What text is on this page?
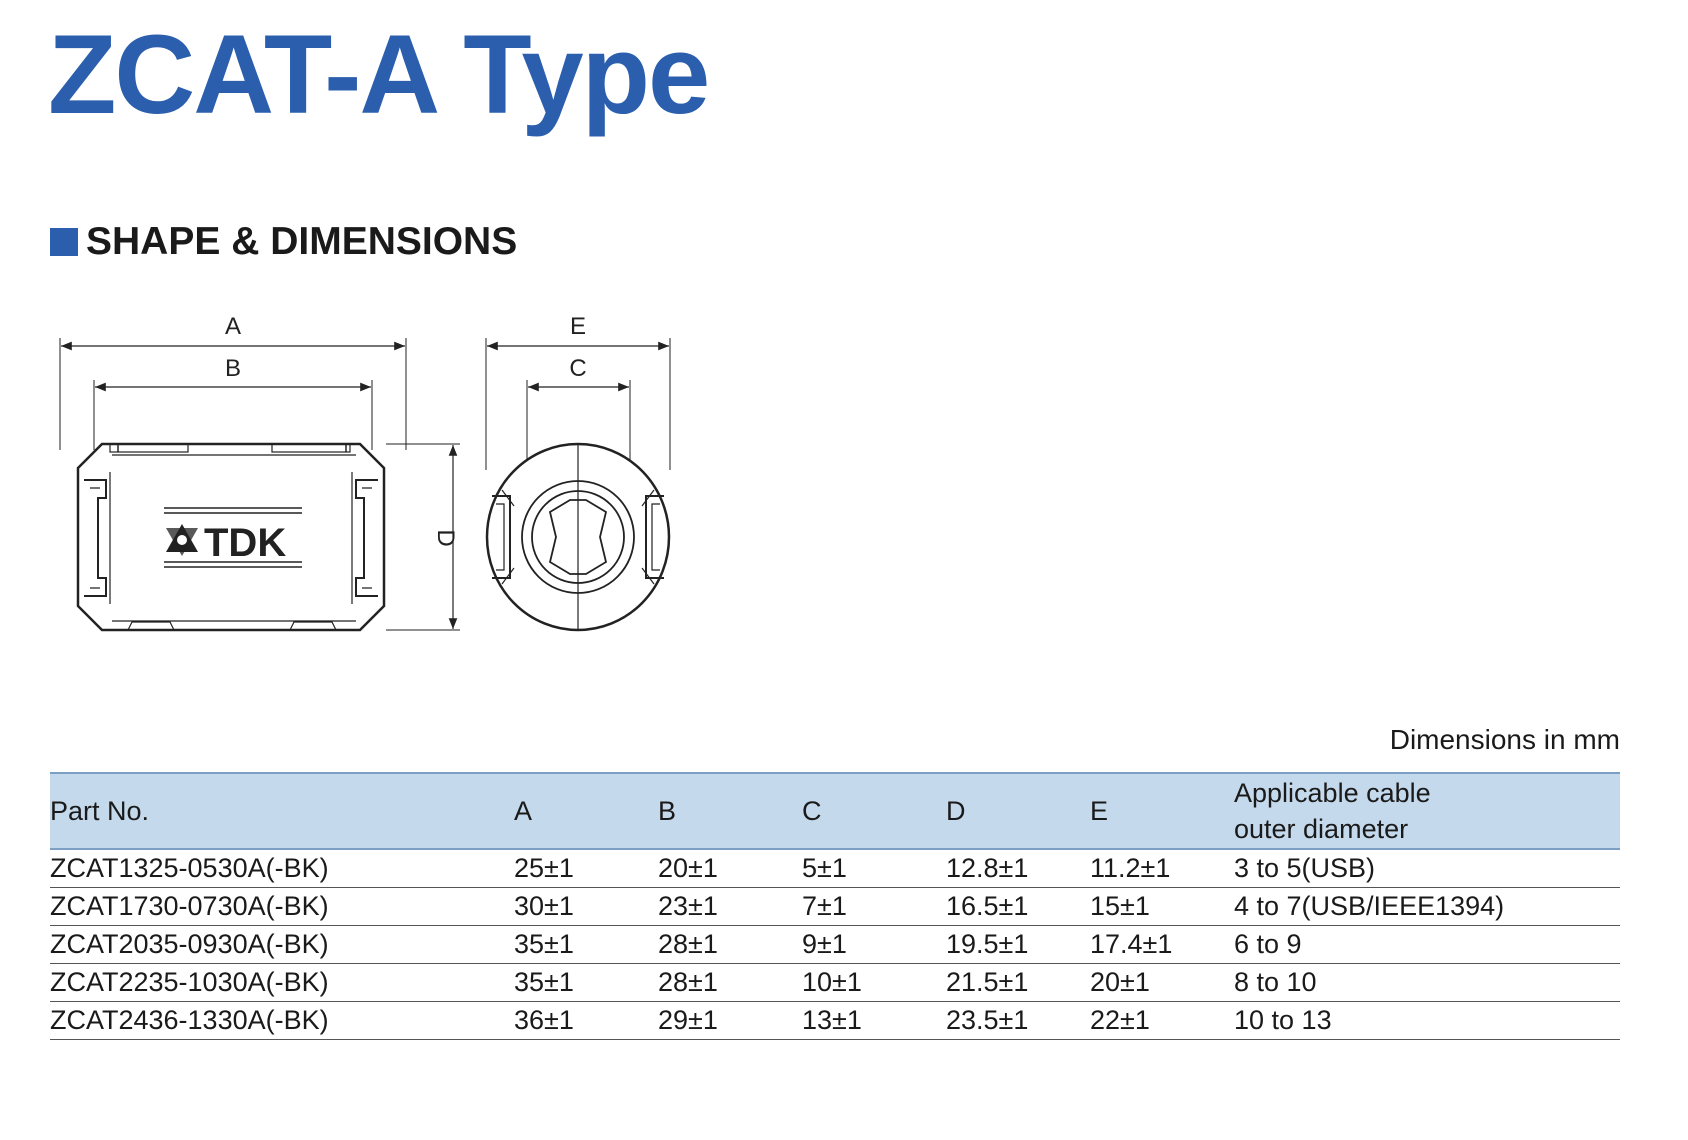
ZCAT-A Type
SHAPE & DIMENSIONS
TDK
A
B
D
E
C
Dimensions in mm
Part No.	A	B	C	D	E	Applicable cable
outer diameter

ZCAT1325-0530A(-BK)	25±1	20±1	5±1	12.8±1	11.2±1	3 to 5(USB)
ZCAT1730-0730A(-BK)	30±1	23±1	7±1	16.5±1	15±1	4 to 7(USB/IEEE1394)
ZCAT2035-0930A(-BK)	35±1	28±1	9±1	19.5±1	17.4±1	6 to 9
ZCAT2235-1030A(-BK)	35±1	28±1	10±1	21.5±1	20±1	8 to 10
ZCAT2436-1330A(-BK)	36±1	29±1	13±1	23.5±1	22±1	10 to 13
